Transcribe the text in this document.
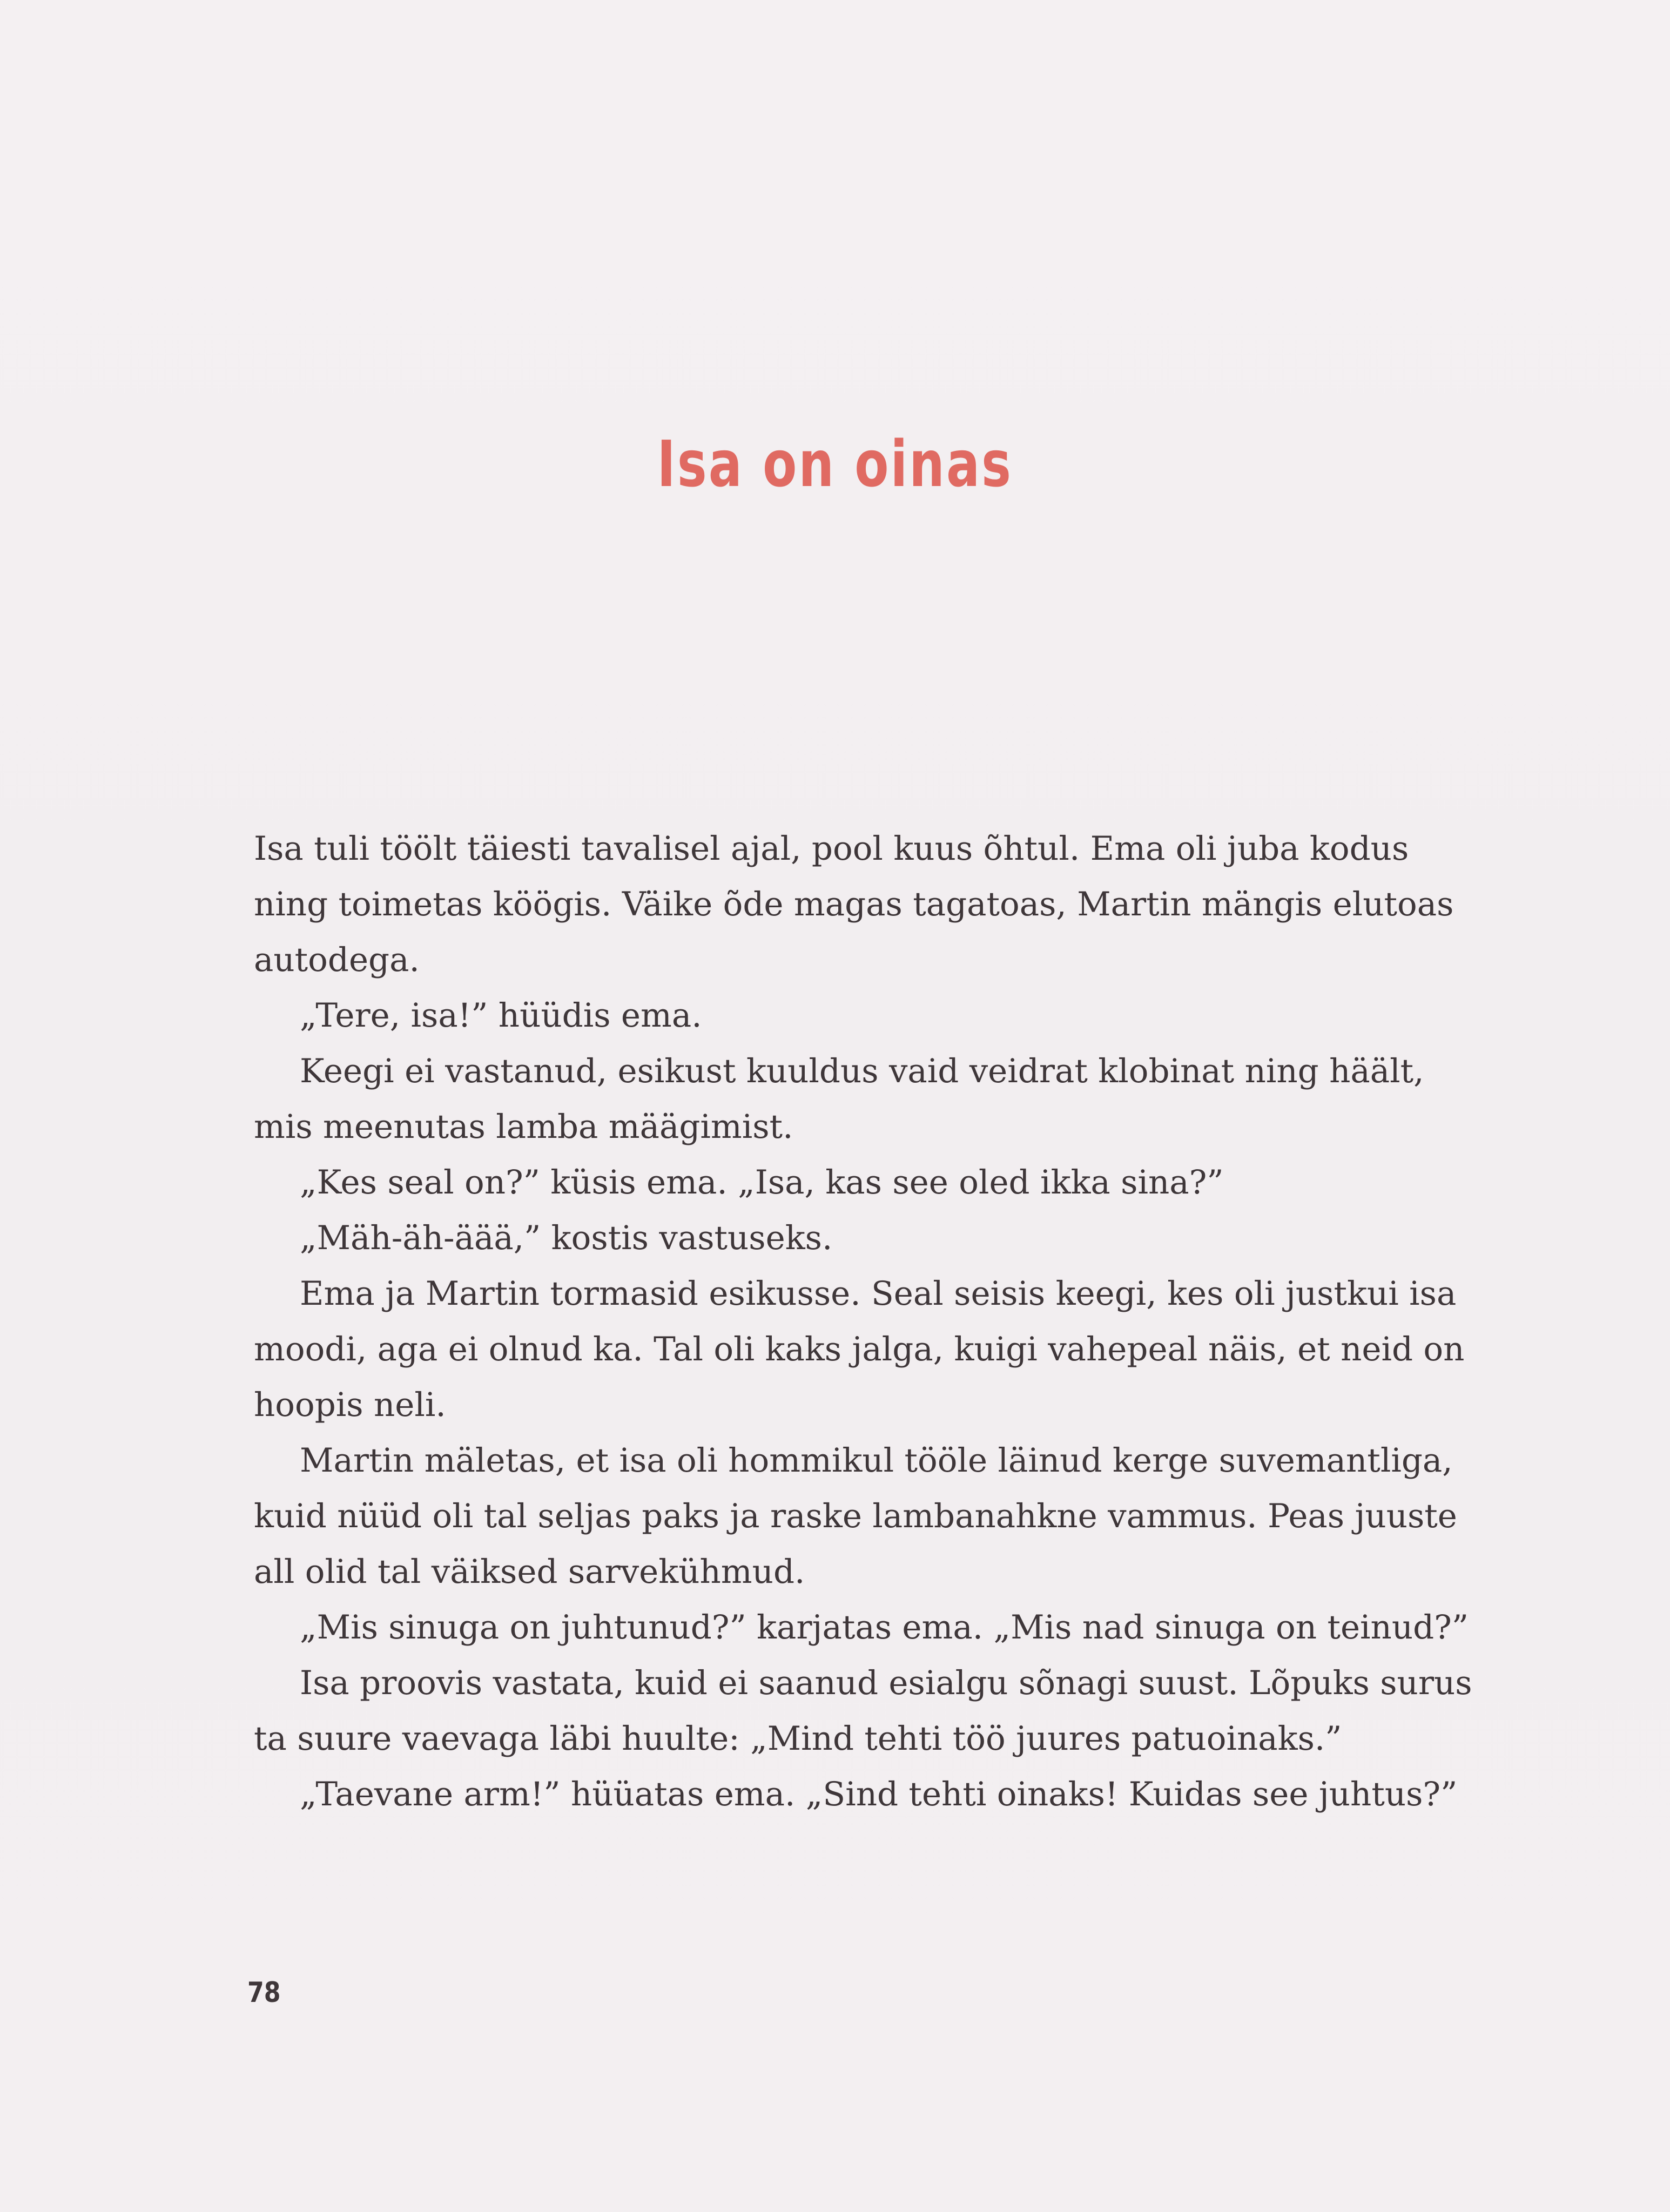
Isa on oinas

Isa tuli töölt täiesti tavalisel ajal, pool kuus õhtul. Ema oli juba kodus ning toimetas köögis. Väike õde magas tagatoas, Martin mängis elutoas autodega.

„Tere, isa!” hüüdis ema.

Keegi ei vastanud, esikust kuuldus vaid veidrat klobinat ning häält, mis meenutas lamba määgimist.

„Kes seal on?” küsis ema. „Isa, kas see oled ikka sina?”

„Mäh-äh-äää,” kostis vastuseks.

Ema ja Martin tormasid esikusse. Seal seisis keegi, kes oli justkui isa moodi, aga ei olnud ka. Tal oli kaks jalga, kuigi vahepeal näis, et neid on hoopis neli.

Martin mäletas, et isa oli hommikul tööle läinud kerge suvemantliga, kuid nüüd oli tal seljas paks ja raske lambanahkne vammus. Peas juuste all olid tal väiksed sarvekühmud.

„Mis sinuga on juhtunud?” karjatas ema. „Mis nad sinuga on teinud?”

Isa proovis vastata, kuid ei saanud esialgu sõnagi suust. Lõpuks surus ta suure vaevaga läbi huulte: „Mind tehti töö juures patuoinaks.”

„Taevane arm!” hüüatas ema. „Sind tehti oinaks! Kuidas see juhtus?”

78
